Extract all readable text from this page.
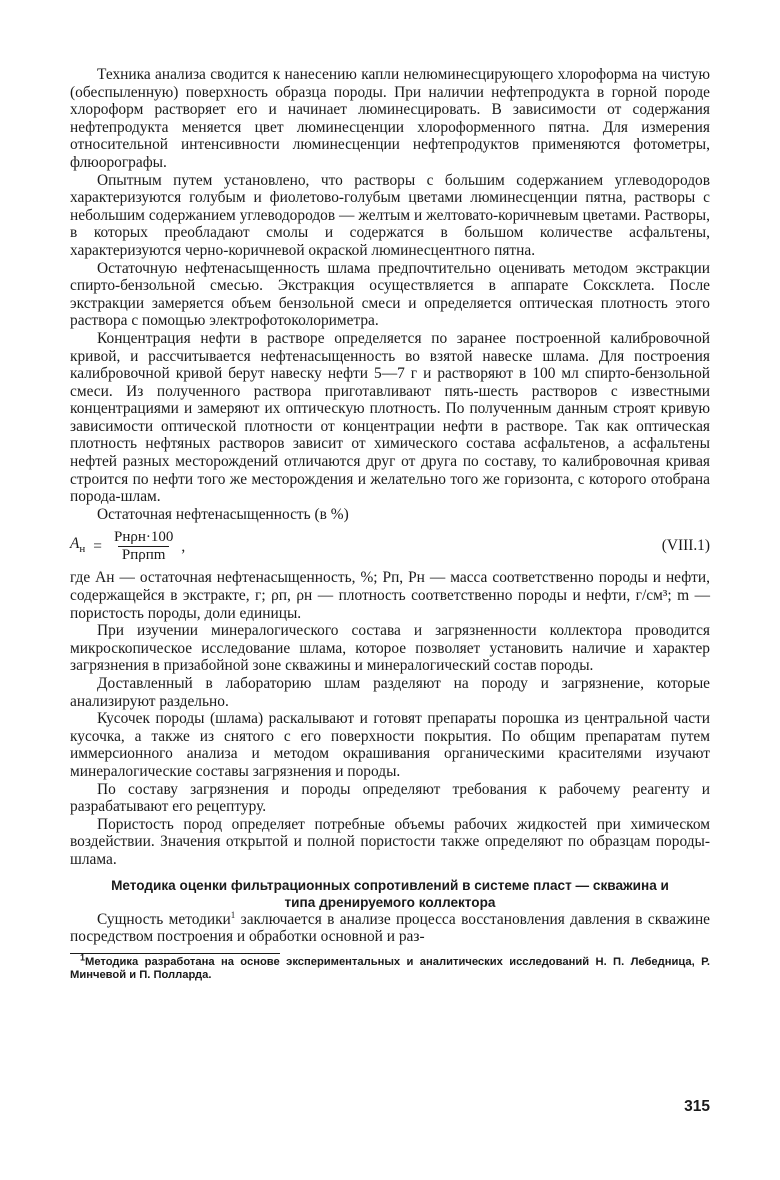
Техника анализа сводится к нанесению капли нелюминесцирующего хлороформа на чистую (обеспыленную) поверхность образца породы. При наличии нефтепродукта в горной породе хлороформ растворяет его и начинает люминесцировать. В зависимости от содержания нефтепродукта меняется цвет люминесценции хлороформенного пятна. Для измерения относительной интенсивности люминесценции нефтепродуктов применяются фотометры, флюорографы.

Опытным путем установлено, что растворы с большим содержанием углеводородов характеризуются голубым и фиолетово-голубым цветами люминесценции пятна, растворы с небольшим содержанием углеводородов — желтым и желтовато-коричневым цветами. Растворы, в которых преобладают смолы и содержатся в большом количестве асфальтены, характеризуются черно-коричневой окраской люминесцентного пятна.

Остаточную нефтенасыщенность шлама предпочтительно оценивать методом экстракции спирто-бензольной смесью. Экстракция осуществляется в аппарате Соксклета. После экстракции замеряется объем бензольной смеси и определяется оптическая плотность этого раствора с помощью электрофотоколориметра.

Концентрация нефти в растворе определяется по заранее построенной калибровочной кривой, и рассчитывается нефтенасыщенность во взятой навеске шлама. Для построения калибровочной кривой берут навеску нефти 5—7 г и растворяют в 100 мл спирто-бензольной смеси. Из полученного раствора приготавливают пять-шесть растворов с известными концентрациями и замеряют их оптическую плотность. По полученным данным строят кривую зависимости оптической плотности от концентрации нефти в растворе. Так как оптическая плотность нефтяных растворов зависит от химического состава асфальтенов, а асфальтены нефтей разных месторождений отличаются друг от друга по составу, то калибровочная кривая строится по нефти того же месторождения и желательно того же горизонта, с которого отобрана порода-шлам.

Остаточная нефтенасыщенность (в %)

$A_н = \frac{\text{Pнρн·100}}{\text{Pпρпm}}$ ,	(VIII.1)

где Aн — остаточная нефтенасыщенность, %; Pп, Pн — масса соответственно породы и нефти, содержащейся в экстракте, г; ρп, ρн — плотность соответственно породы и нефти, г/см³; m — пористость породы, доли единицы.

При изучении минералогического состава и загрязненности коллектора проводится микроскопическое исследование шлама, которое позволяет установить наличие и характер загрязнения в призабойной зоне скважины и минералогический состав породы.

Доставленный в лабораторию шлам разделяют на породу и загрязнение, которые анализируют раздельно.

Кусочек породы (шлама) раскалывают и готовят препараты порошка из центральной части кусочка, а также из снятого с его поверхности покрытия. По общим препаратам путем иммерсионного анализа и методом окрашивания органическими красителями изучают минералогические составы загрязнения и породы.

По составу загрязнения и породы определяют требования к рабочему реагенту и разрабатывают его рецептуру.

Пористость пород определяет потребные объемы рабочих жидкостей при химическом воздействии. Значения открытой и полной пористости также определяют по образцам породы-шлама.

Методика оценки фильтрационных сопротивлений в системе пласт — скважина и типа дренируемого коллектора

Сущность методики$^1$ заключается в анализе процесса восстановления давления в скважине посредством построения и обработки основной и раз-

$^1$Методика разработана на основе экспериментальных и аналитических исследований Н. П. Лебедница, Р. Минчевой и П. Полларда.

315
